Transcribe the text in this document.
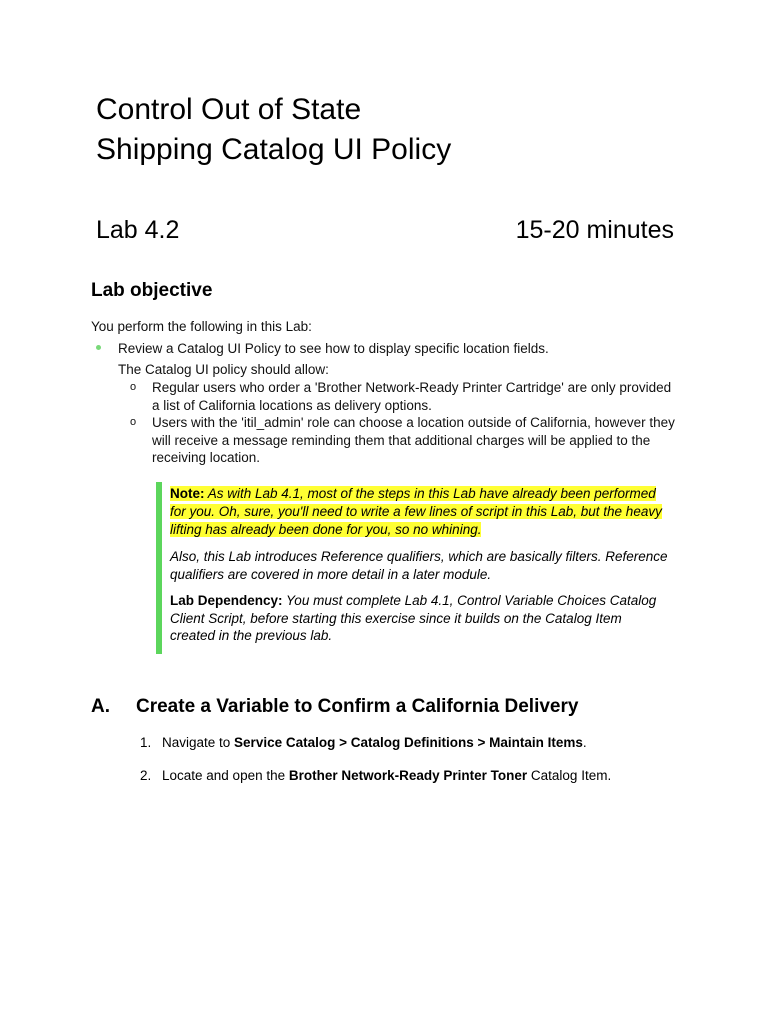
Control Out of State
Shipping Catalog UI Policy
Lab 4.2	15-20 minutes
Lab objective
You perform the following in this Lab:
Review a Catalog UI Policy to see how to display specific location fields.
The Catalog UI policy should allow:
o Regular users who order a 'Brother Network-Ready Printer Cartridge' are only provided a list of California locations as delivery options.
o Users with the 'itil_admin' role can choose a location outside of California, however they will receive a message reminding them that additional charges will be applied to the receiving location.

Note: As with Lab 4.1, most of the steps in this Lab have already been performed for you. Oh, sure, you'll need to write a few lines of script in this Lab, but the heavy lifting has already been done for you, so no whining.

Also, this Lab introduces Reference qualifiers, which are basically filters. Reference qualifiers are covered in more detail in a later module.

Lab Dependency: You must complete Lab 4.1, Control Variable Choices Catalog Client Script, before starting this exercise since it builds on the Catalog Item created in the previous lab.

A. Create a Variable to Confirm a California Delivery
1. Navigate to Service Catalog > Catalog Definitions > Maintain Items.
2. Locate and open the Brother Network-Ready Printer Toner Catalog Item.
